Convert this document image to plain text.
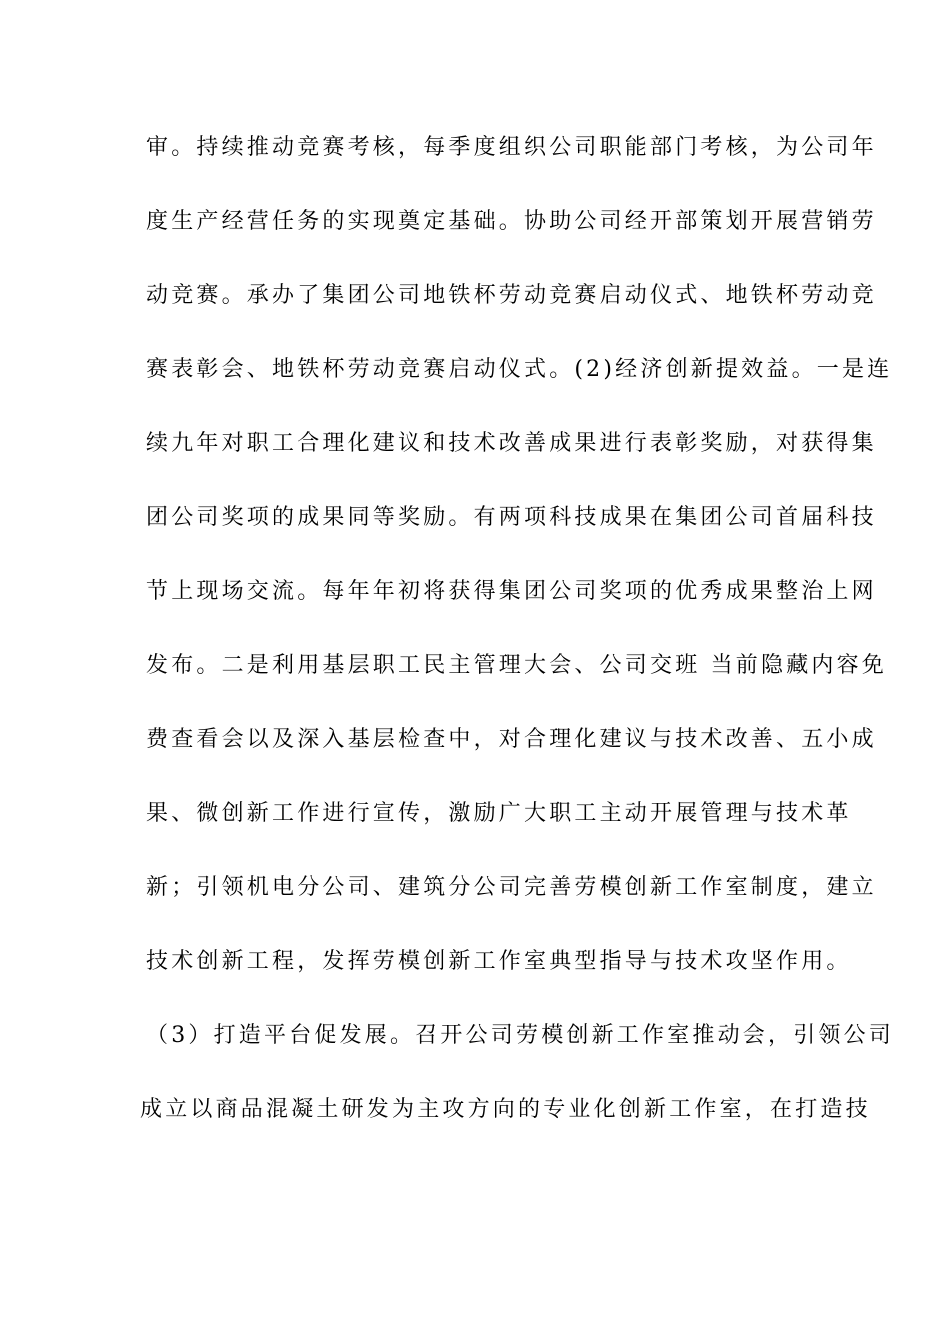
审。持续推动竞赛考核，每季度组织公司职能部门考核，为公司年
度生产经营任务的实现奠定基础。协助公司经开部策划开展营销劳
动竞赛。承办了集团公司地铁杯劳动竞赛启动仪式、地铁杯劳动竞
赛表彰会、地铁杯劳动竞赛启动仪式。(2)经济创新提效益。一是连
续九年对职工合理化建议和技术改善成果进行表彰奖励，对获得集
团公司奖项的成果同等奖励。有两项科技成果在集团公司首届科技
节上现场交流。每年年初将获得集团公司奖项的优秀成果整治上网
发布。二是利用基层职工民主管理大会、公司交班 当前隐藏内容免
费查看会以及深入基层检查中，对合理化建议与技术改善、五小成
果、微创新工作进行宣传，激励广大职工主动开展管理与技术革
新；引领机电分公司、建筑分公司完善劳模创新工作室制度，建立
技术创新工程，发挥劳模创新工作室典型指导与技术攻坚作用。
（3）打造平台促发展。召开公司劳模创新工作室推动会，引领公司
成立以商品混凝土研发为主攻方向的专业化创新工作室，在打造技
